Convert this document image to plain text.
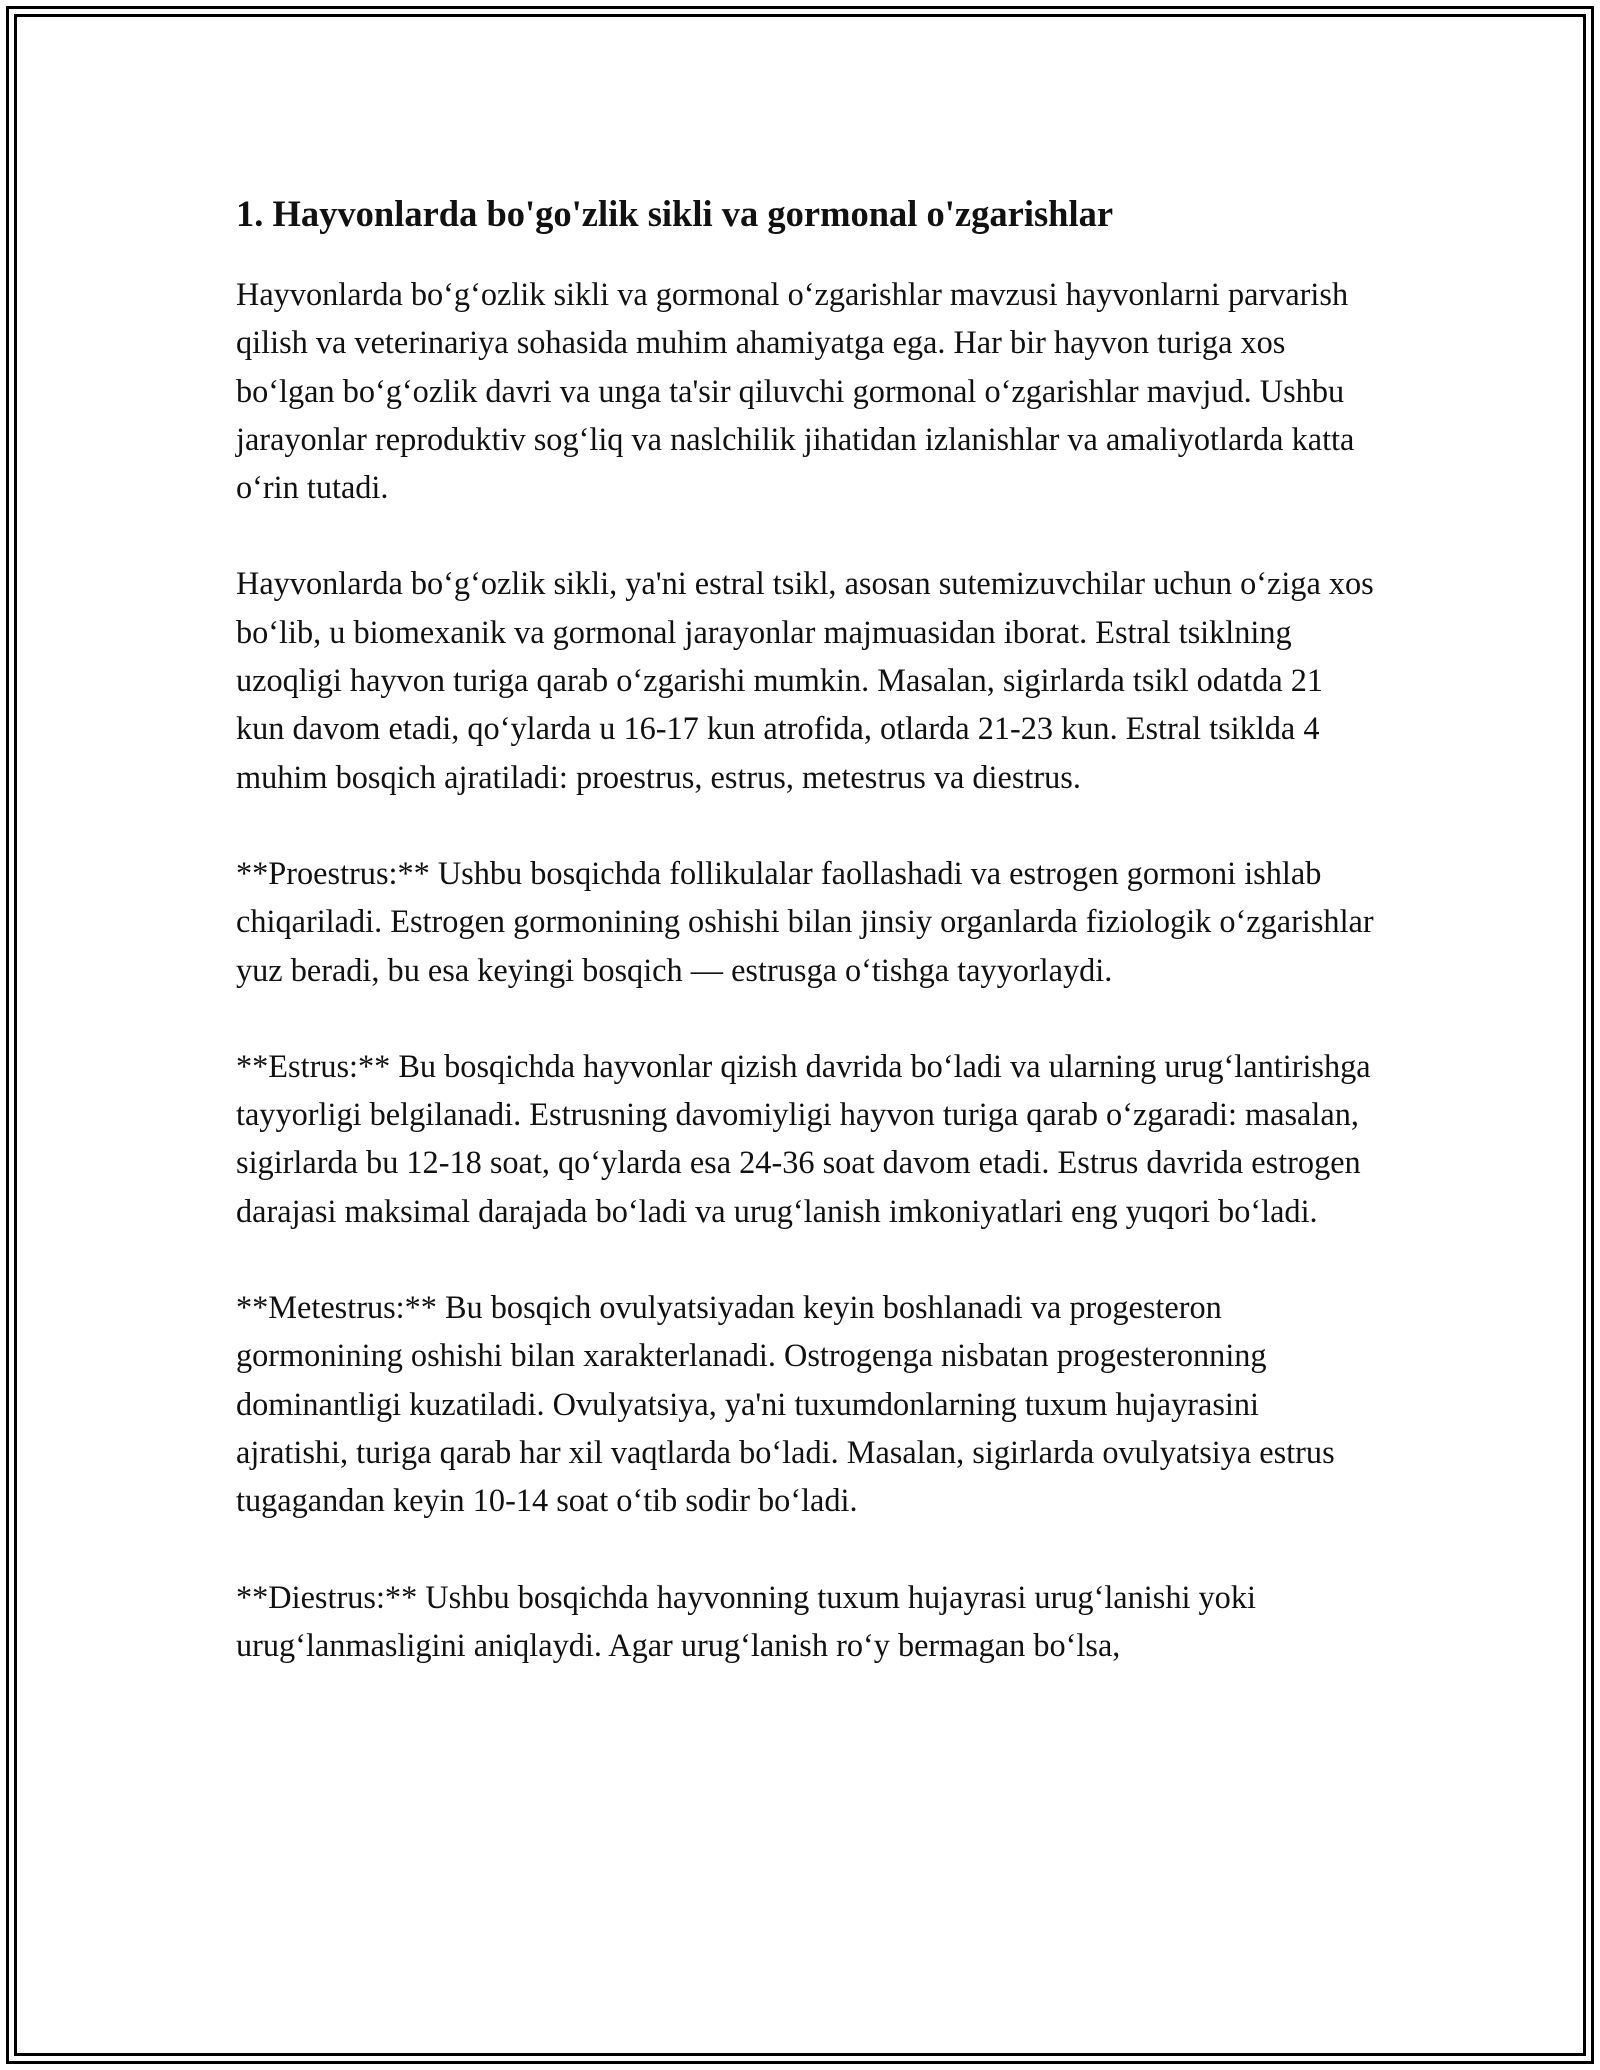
1. Hayvonlarda bo'go'zlik sikli va gormonal o'zgarishlar

Hayvonlarda bo‘g‘ozlik sikli va gormonal o‘zgarishlar mavzusi hayvonlarni parvarish qilish va veterinariya sohasida muhim ahamiyatga ega. Har bir hayvon turiga xos bo‘lgan bo‘g‘ozlik davri va unga ta'sir qiluvchi gormonal o‘zgarishlar mavjud. Ushbu jarayonlar reproduktiv sog‘liq va naslchilik jihatidan izlanishlar va amaliyotlarda katta o‘rin tutadi.

Hayvonlarda bo‘g‘ozlik sikli, ya'ni estral tsikl, asosan sutemizuvchilar uchun o‘ziga xos bo‘lib, u biomexanik va gormonal jarayonlar majmuasidan iborat. Estral tsiklning uzoqligi hayvon turiga qarab o‘zgarishi mumkin. Masalan, sigirlarda tsikl odatda 21 kun davom etadi, qo‘ylarda u 16-17 kun atrofida, otlarda 21-23 kun. Estral tsiklda 4 muhim bosqich ajratiladi: proestrus, estrus, metestrus va diestrus.

**Proestrus:** Ushbu bosqichda follikulalar faollashadi va estrogen gormoni ishlab chiqariladi. Estrogen gormonining oshishi bilan jinsiy organlarda fiziologik o‘zgarishlar yuz beradi, bu esa keyingi bosqich — estrusga o‘tishga tayyorlaydi.

**Estrus:** Bu bosqichda hayvonlar qizish davrida bo‘ladi va ularning urug‘lantirishga tayyorligi belgilanadi. Estrusning davomiyligi hayvon turiga qarab o‘zgaradi: masalan, sigirlarda bu 12-18 soat, qo‘ylarda esa 24-36 soat davom etadi. Estrus davrida estrogen darajasi maksimal darajada bo‘ladi va urug‘lanish imkoniyatlari eng yuqori bo‘ladi.

**Metestrus:** Bu bosqich ovulyatsiyadan keyin boshlanadi va progesteron gormonining oshishi bilan xarakterlanadi. Ostrogenga nisbatan progesteronning dominantligi kuzatiladi. Ovulyatsiya, ya'ni tuxumdonlarning tuxum hujayrasini ajratishi, turiga qarab har xil vaqtlarda bo‘ladi. Masalan, sigirlarda ovulyatsiya estrus tugagandan keyin 10-14 soat o‘tib sodir bo‘ladi.

**Diestrus:** Ushbu bosqichda hayvonning tuxum hujayrasi urug‘lanishi yoki urug‘lanmasligini aniqlaydi. Agar urug‘lanish ro‘y bermagan bo‘lsa,
